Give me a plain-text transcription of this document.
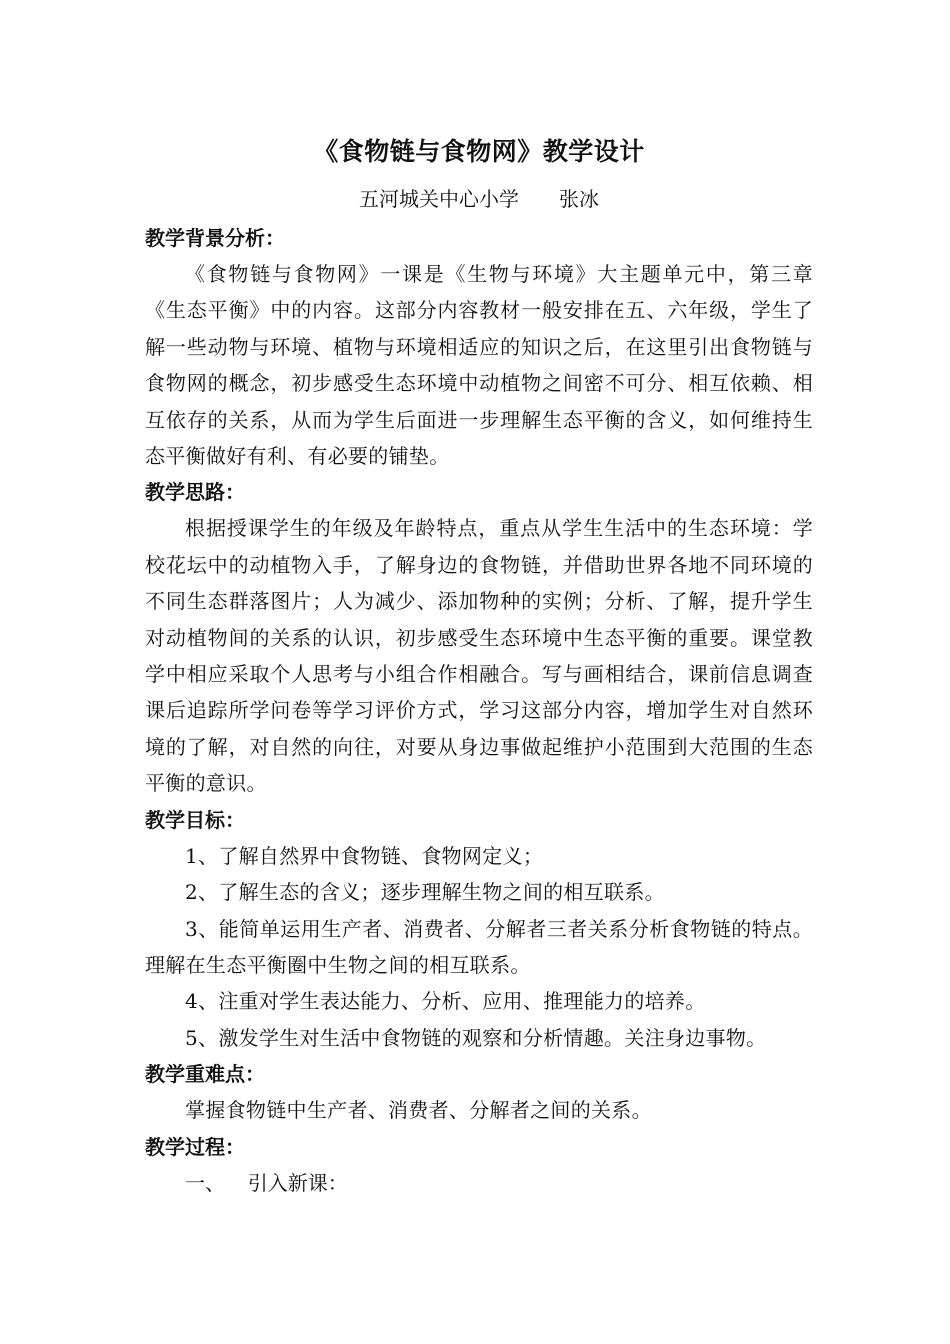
《食物链与食物网》教学设计

五河城关中心小学　　张冰

教学背景分析：

《食物链与食物网》一课是《生物与环境》大主题单元中，第三章《生态平衡》中的内容。这部分内容教材一般安排在五、六年级，学生了解一些动物与环境、植物与环境相适应的知识之后，在这里引出食物链与食物网的概念，初步感受生态环境中动植物之间密不可分、相互依赖、相互依存的关系，从而为学生后面进一步理解生态平衡的含义，如何维持生态平衡做好有利、有必要的铺垫。

教学思路：

根据授课学生的年级及年龄特点，重点从学生生活中的生态环境：学校花坛中的动植物入手，了解身边的食物链，并借助世界各地不同环境的不同生态群落图片；人为减少、添加物种的实例；分析、了解，提升学生对动植物间的关系的认识，初步感受生态环境中生态平衡的重要。课堂教学中相应采取个人思考与小组合作相融合。写与画相结合，课前信息调查课后追踪所学问卷等学习评价方式，学习这部分内容，增加学生对自然环境的了解，对自然的向往，对要从身边事做起维护小范围到大范围的生态平衡的意识。

教学目标：

1、了解自然界中食物链、食物网定义；

2、了解生态的含义；逐步理解生物之间的相互联系。

3、能简单运用生产者、消费者、分解者三者关系分析食物链的特点。理解在生态平衡圈中生物之间的相互联系。

4、注重对学生表达能力、分析、应用、推理能力的培养。

5、激发学生对生活中食物链的观察和分析情趣。关注身边事物。

教学重难点：

掌握食物链中生产者、消费者、分解者之间的关系。

教学过程：

一、　  引入新课：
